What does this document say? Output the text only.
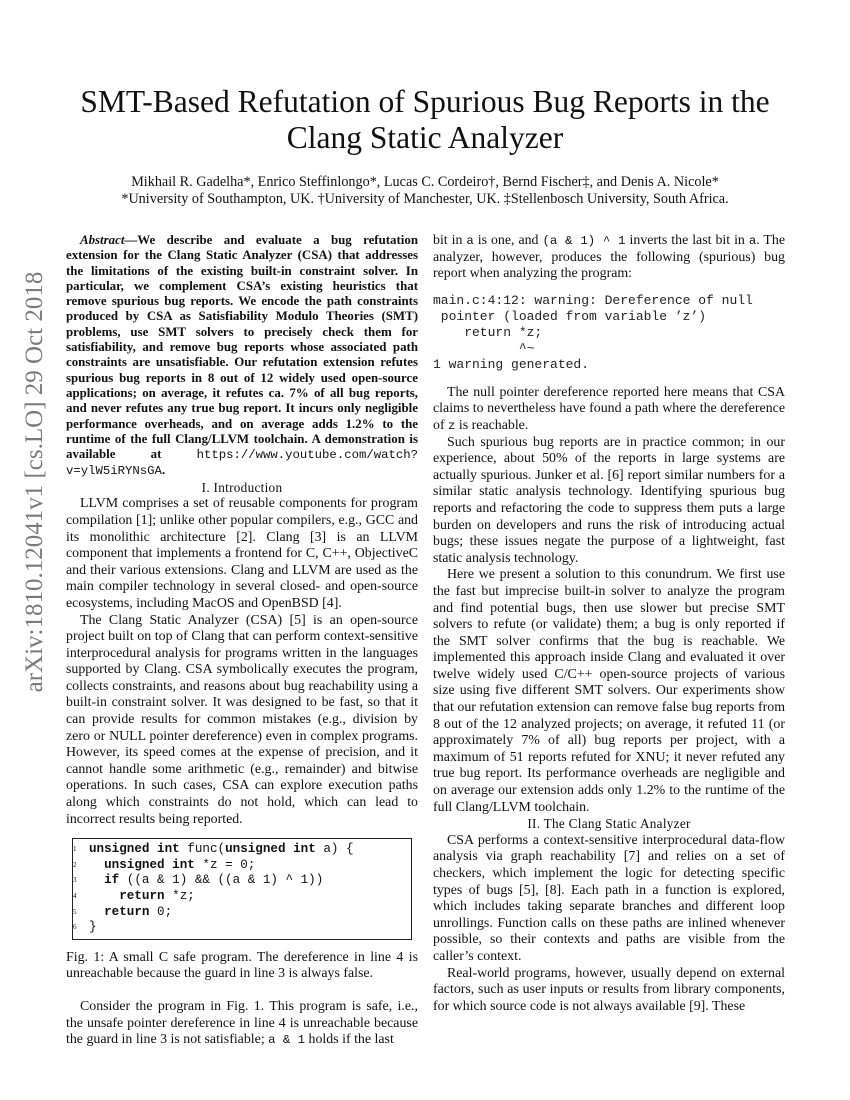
arXiv:1810.12041v1 [cs.LO] 29 Oct 2018
SMT-Based Refutation of Spurious Bug Reports in the Clang Static Analyzer
Mikhail R. Gadelha*, Enrico Steffinlongo*, Lucas C. Cordeiro†, Bernd Fischer‡, and Denis A. Nicole*
*University of Southampton, UK. †University of Manchester, UK. ‡Stellenbosch University, South Africa.

Abstract—We describe and evaluate a bug refutation extension for the Clang Static Analyzer (CSA) that addresses the limitations of the existing built-in constraint solver. In particular, we complement CSA’s existing heuristics that remove spurious bug reports. We encode the path constraints produced by CSA as Satisfiability Modulo Theories (SMT) problems, use SMT solvers to precisely check them for satisfiability, and remove bug reports whose associated path constraints are unsatisfiable. Our refutation extension refutes spurious bug reports in 8 out of 12 widely used open-source applications; on average, it refutes ca. 7% of all bug reports, and never refutes any true bug report. It incurs only negligible performance overheads, and on average adds 1.2% to the runtime of the full Clang/LLVM toolchain. A demonstration is available at https://www.youtube.com/watch?v=ylW5iRYNsGA.

I. Introduction

LLVM comprises a set of reusable components for program compilation [1]; unlike other popular compilers, e.g., GCC and its monolithic architecture [2]. Clang [3] is an LLVM component that implements a frontend for C, C++, ObjectiveC and their various extensions. Clang and LLVM are used as the main compiler technology in several closed- and open-source ecosystems, including MacOS and OpenBSD [4].

The Clang Static Analyzer (CSA) [5] is an open-source project built on top of Clang that can perform context-sensitive interprocedural analysis for programs written in the languages supported by Clang. CSA symbolically executes the program, collects constraints, and reasons about bug reachability using a built-in constraint solver. It was designed to be fast, so that it can provide results for common mistakes (e.g., division by zero or NULL pointer dereference) even in complex programs. However, its speed comes at the expense of precision, and it cannot handle some arithmetic (e.g., remainder) and bitwise operations. In such cases, CSA can explore execution paths along which constraints do not hold, which can lead to incorrect results being reported.

1 unsigned int func(unsigned int a) {
2 unsigned int *z = 0;
3 if ((a & 1) && ((a & 1) ^ 1))
4	return *z;
5 return 0;
6 }

Fig. 1: A small C safe program. The dereference in line 4 is unreachable because the guard in line 3 is always false.

Consider the program in Fig. 1. This program is safe, i.e., the unsafe pointer dereference in line 4 is unreachable because the guard in line 3 is not satisfiable; a & 1 holds if the last

bit in a is one, and (a & 1) ^ 1 inverts the last bit in a. The analyzer, however, produces the following (spurious) bug report when analyzing the program:

main.c:4:12: warning: Dereference of null
pointer (loaded from variable ’z’)
return *z;
^~
1 warning generated.

The null pointer dereference reported here means that CSA claims to nevertheless have found a path where the dereference of z is reachable.

Such spurious bug reports are in practice common; in our experience, about 50% of the reports in large systems are actually spurious. Junker et al. [6] report similar numbers for a similar static analysis technology. Identifying spurious bug reports and refactoring the code to suppress them puts a large burden on developers and runs the risk of introducing actual bugs; these issues negate the purpose of a lightweight, fast static analysis technology.

Here we present a solution to this conundrum. We first use the fast but imprecise built-in solver to analyze the program and find potential bugs, then use slower but precise SMT solvers to refute (or validate) them; a bug is only reported if the SMT solver confirms that the bug is reachable. We implemented this approach inside Clang and evaluated it over twelve widely used C/C++ open-source projects of various size using five different SMT solvers. Our experiments show that our refutation extension can remove false bug reports from 8 out of the 12 analyzed projects; on average, it refuted 11 (or approximately 7% of all) bug reports per project, with a maximum of 51 reports refuted for XNU; it never refuted any true bug report. Its performance overheads are negligible and on average our extension adds only 1.2% to the runtime of the full Clang/LLVM toolchain.

II. The Clang Static Analyzer

CSA performs a context-sensitive interprocedural data-flow analysis via graph reachability [7] and relies on a set of checkers, which implement the logic for detecting specific types of bugs [5], [8]. Each path in a function is explored, which includes taking separate branches and different loop unrollings. Function calls on these paths are inlined whenever possible, so their contexts and paths are visible from the caller’s context.

Real-world programs, however, usually depend on external factors, such as user inputs or results from library components, for which source code is not always available [9]. These
